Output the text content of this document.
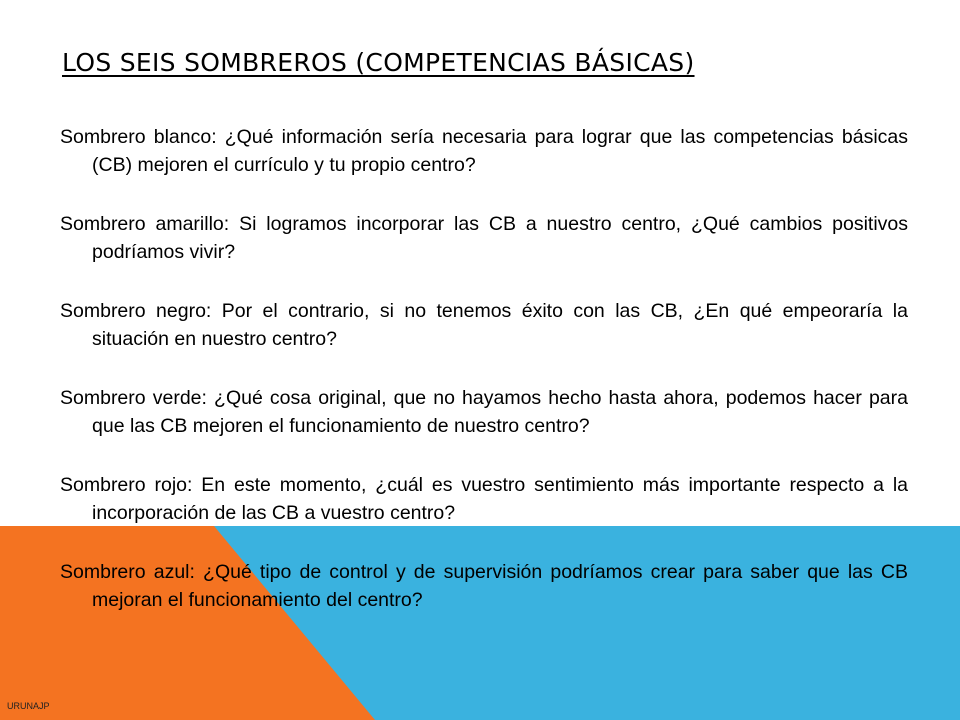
LOS SEIS SOMBREROS (COMPETENCIAS BÁSICAS)

Sombrero blanco: ¿Qué información sería necesaria para lograr que las competencias básicas (CB) mejoren el currículo y tu propio centro?

Sombrero amarillo: Si logramos incorporar las CB a nuestro centro, ¿Qué cambios positivos podríamos vivir?

Sombrero negro: Por el contrario, si no tenemos éxito con las CB, ¿En qué empeoraría la situación en nuestro centro?

Sombrero verde: ¿Qué cosa original, que no hayamos hecho hasta ahora, podemos hacer para que las CB mejoren el funcionamiento de nuestro centro?

Sombrero rojo: En este momento, ¿cuál es vuestro sentimiento más importante respecto a la incorporación de las CB a vuestro centro?

Sombrero azul: ¿Qué tipo de control y de supervisión podríamos crear para saber que las CB mejoran el funcionamiento del centro?

URUNAJP
